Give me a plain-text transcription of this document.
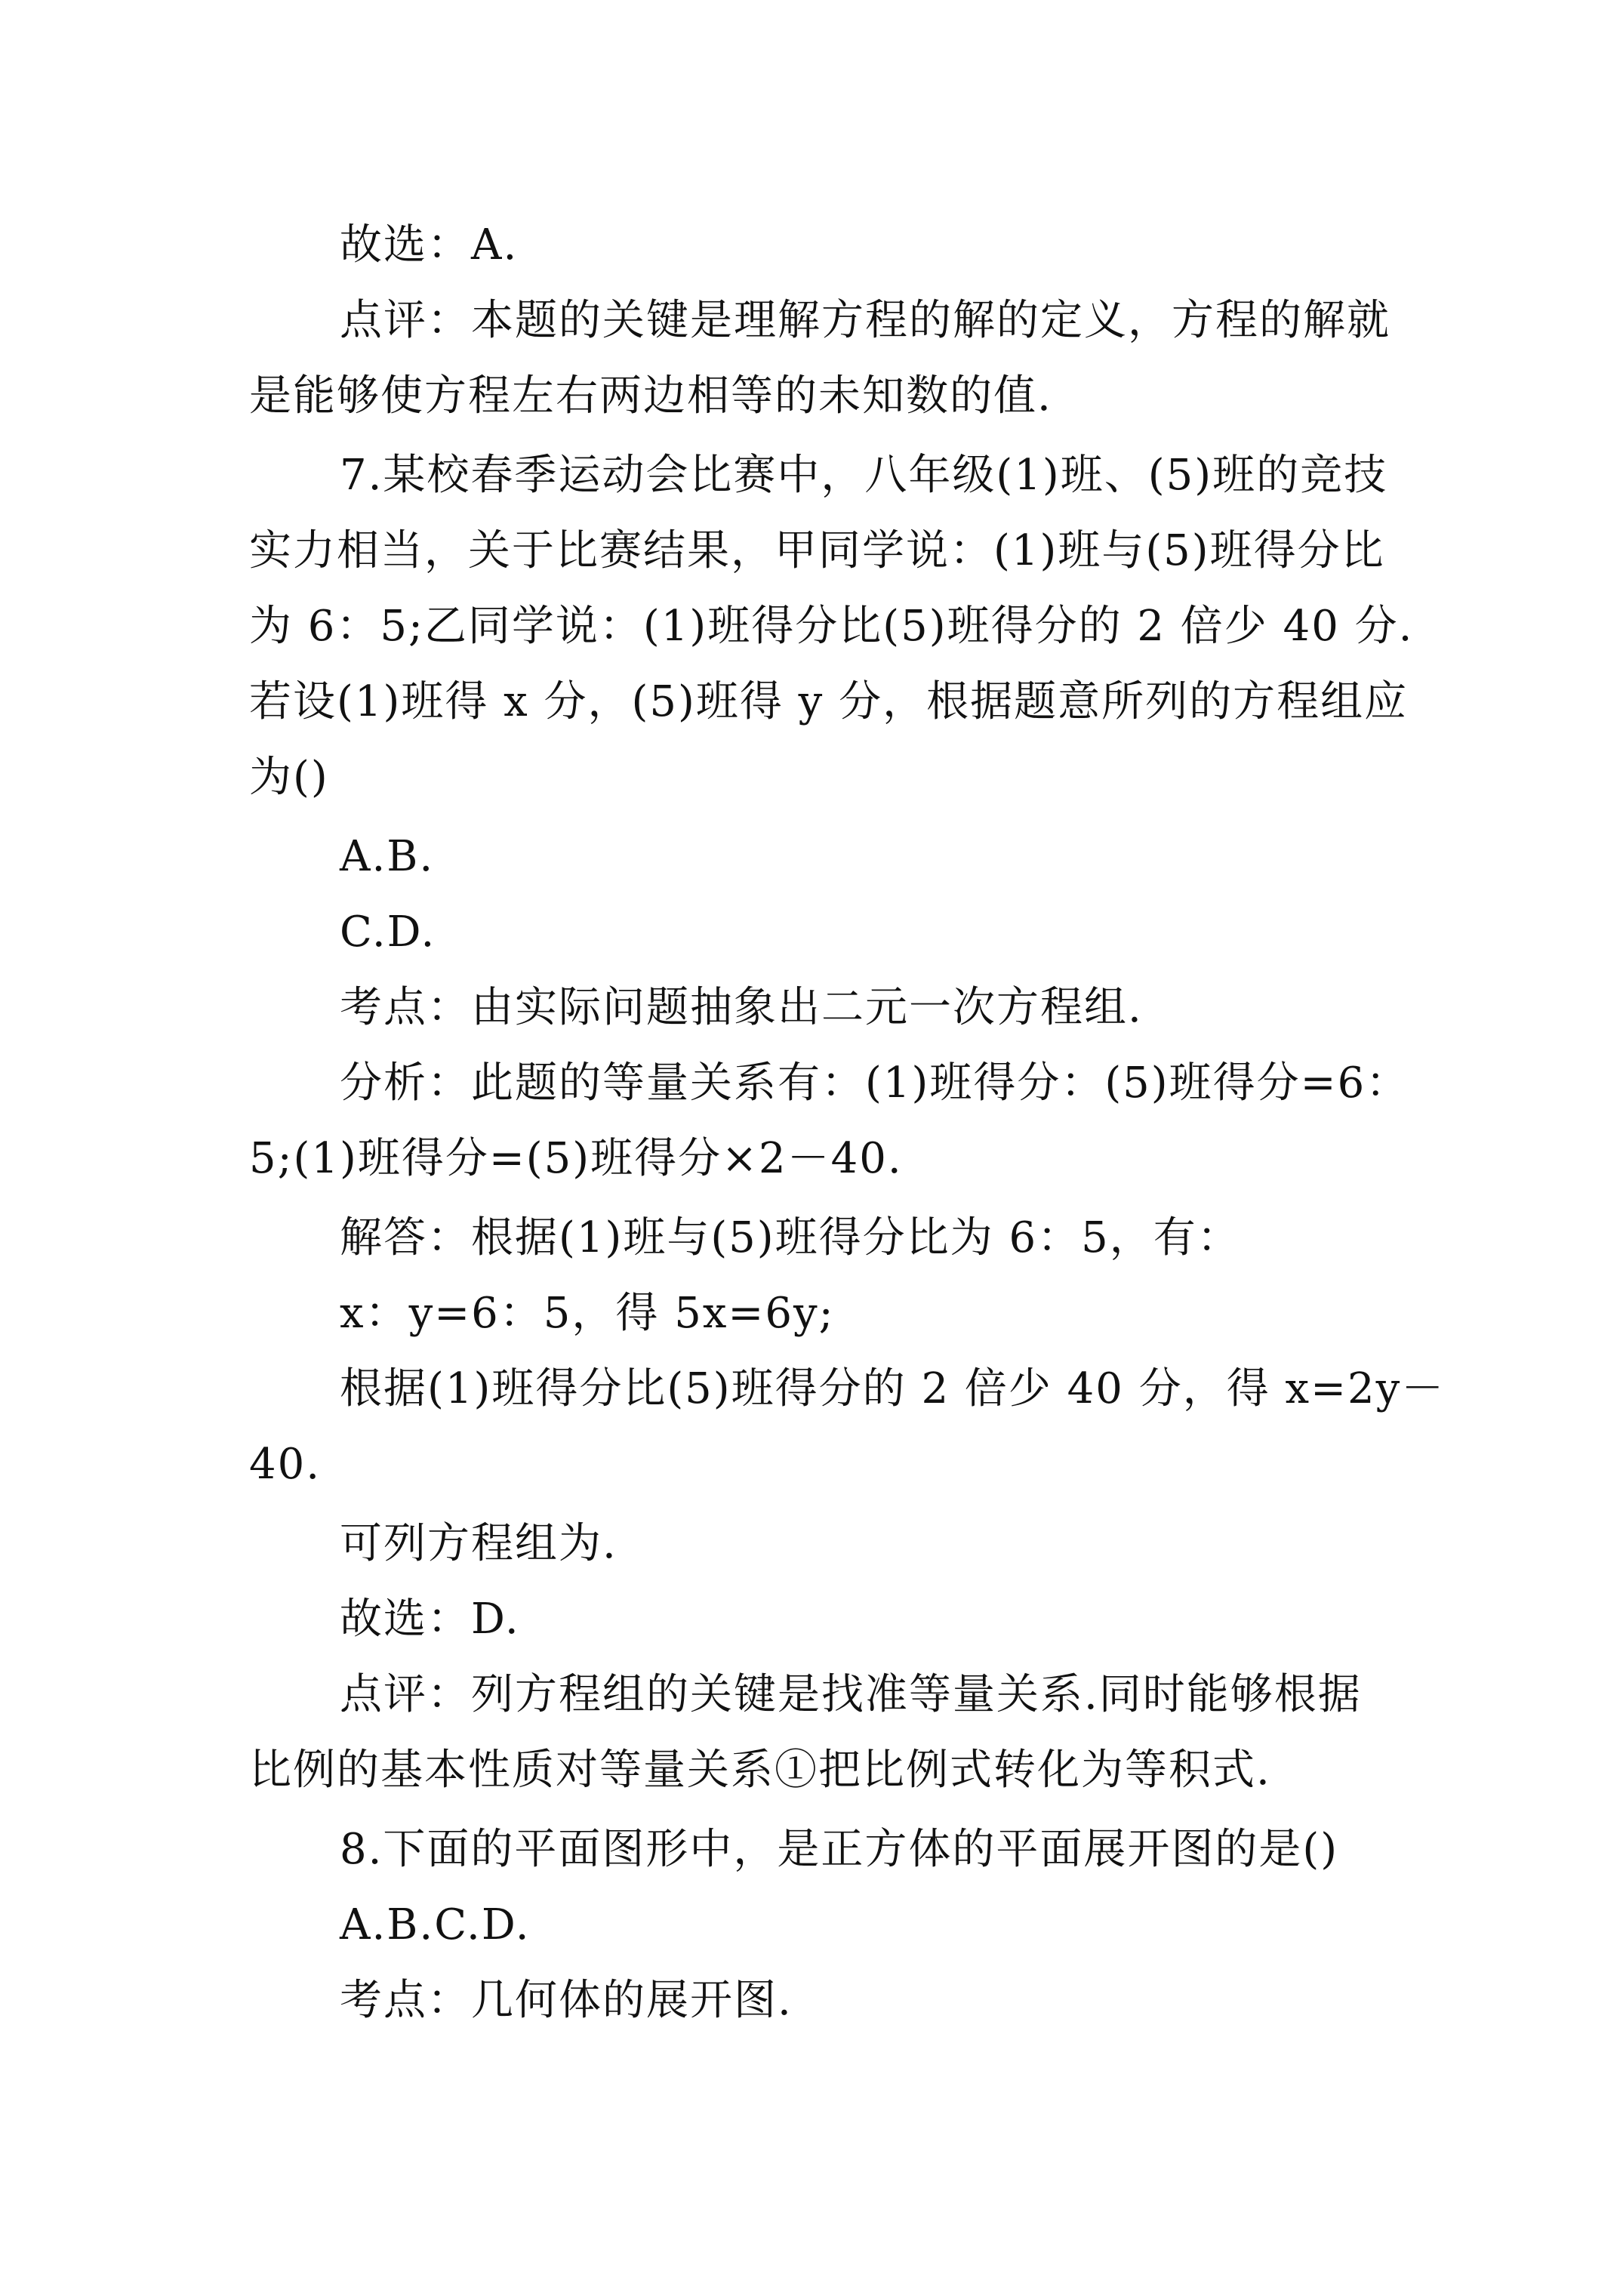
故选：A.
点评：本题的关键是理解方程的解的定义，方程的解就
是能够使方程左右两边相等的未知数的值.
7.某校春季运动会比赛中，八年级(1)班、(5)班的竞技
实力相当，关于比赛结果，甲同学说：(1)班与(5)班得分比
为 6：5;乙同学说：(1)班得分比(5)班得分的 2 倍少 40 分.
若设(1)班得 x 分，(5)班得 y 分，根据题意所列的方程组应
为()
A.B.
C.D.
考点：由实际问题抽象出二元一次方程组.
分析：此题的等量关系有：(1)班得分：(5)班得分=6：
5;(1)班得分=(5)班得分×2－40.
解答：根据(1)班与(5)班得分比为 6：5，有：
x：y=6：5，得 5x=6y;
根据(1)班得分比(5)班得分的 2 倍少 40 分，得 x=2y－
40.
可列方程组为.
故选：D.
点评：列方程组的关键是找准等量关系.同时能够根据
比例的基本性质对等量关系①把比例式转化为等积式.
8.下面的平面图形中，是正方体的平面展开图的是()
A.B.C.D.
考点：几何体的展开图.
